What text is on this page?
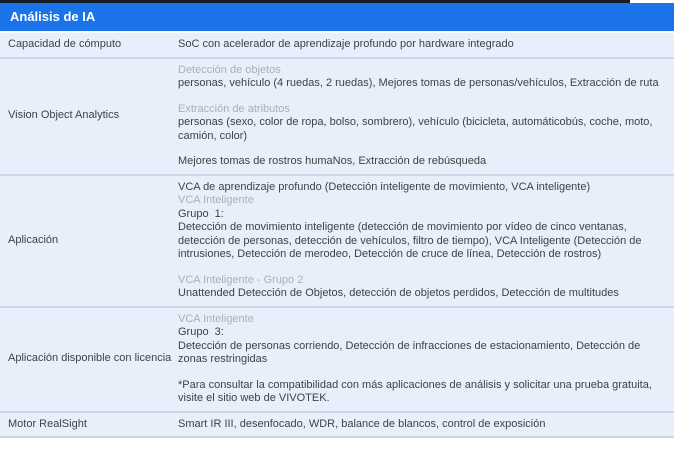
Análisis de IA
Capacidad de cómputo	SoC con acelerador de aprendizaje profundo por hardware integrado
Vision Object Analytics
Detección de objetos
personas, vehículo (4 ruedas, 2 ruedas), Mejores tomas de personas/vehículos, Extracción de ruta
Extracción de atributos
personas (sexo, color de ropa, bolso, sombrero), vehículo (bicicleta, automáticobús, coche, moto, camión, color)
Mejores tomas de rostros humaNos, Extracción de rebúsqueda
Aplicación
VCA de aprendizaje profundo (Detección inteligente de movimiento, VCA inteligente)
VCA Inteligente
Grupo  1:
Detección de movimiento inteligente (detección de movimiento por vídeo de cinco ventanas, detección de personas, detección de vehículos, filtro de tiempo), VCA Inteligente (Detección de intrusiones, Detección de merodeo, Detección de cruce de línea, Detección de rostros)
VCA Inteligente - Grupo 2
Unattended Detección de Objetos, detección de objetos perdidos, Detección de multitudes
Aplicación disponible con licencia
VCA Inteligente
Grupo  3:
Detección de personas corriendo, Detección de infracciones de estacionamiento, Detección de zonas restringidas
*Para consultar la compatibilidad con más aplicaciones de análisis y solicitar una prueba gratuita, visite el sitio web de VIVOTEK.
Motor RealSight	Smart IR III, desenfocado, WDR, balance de blancos, control de exposición
